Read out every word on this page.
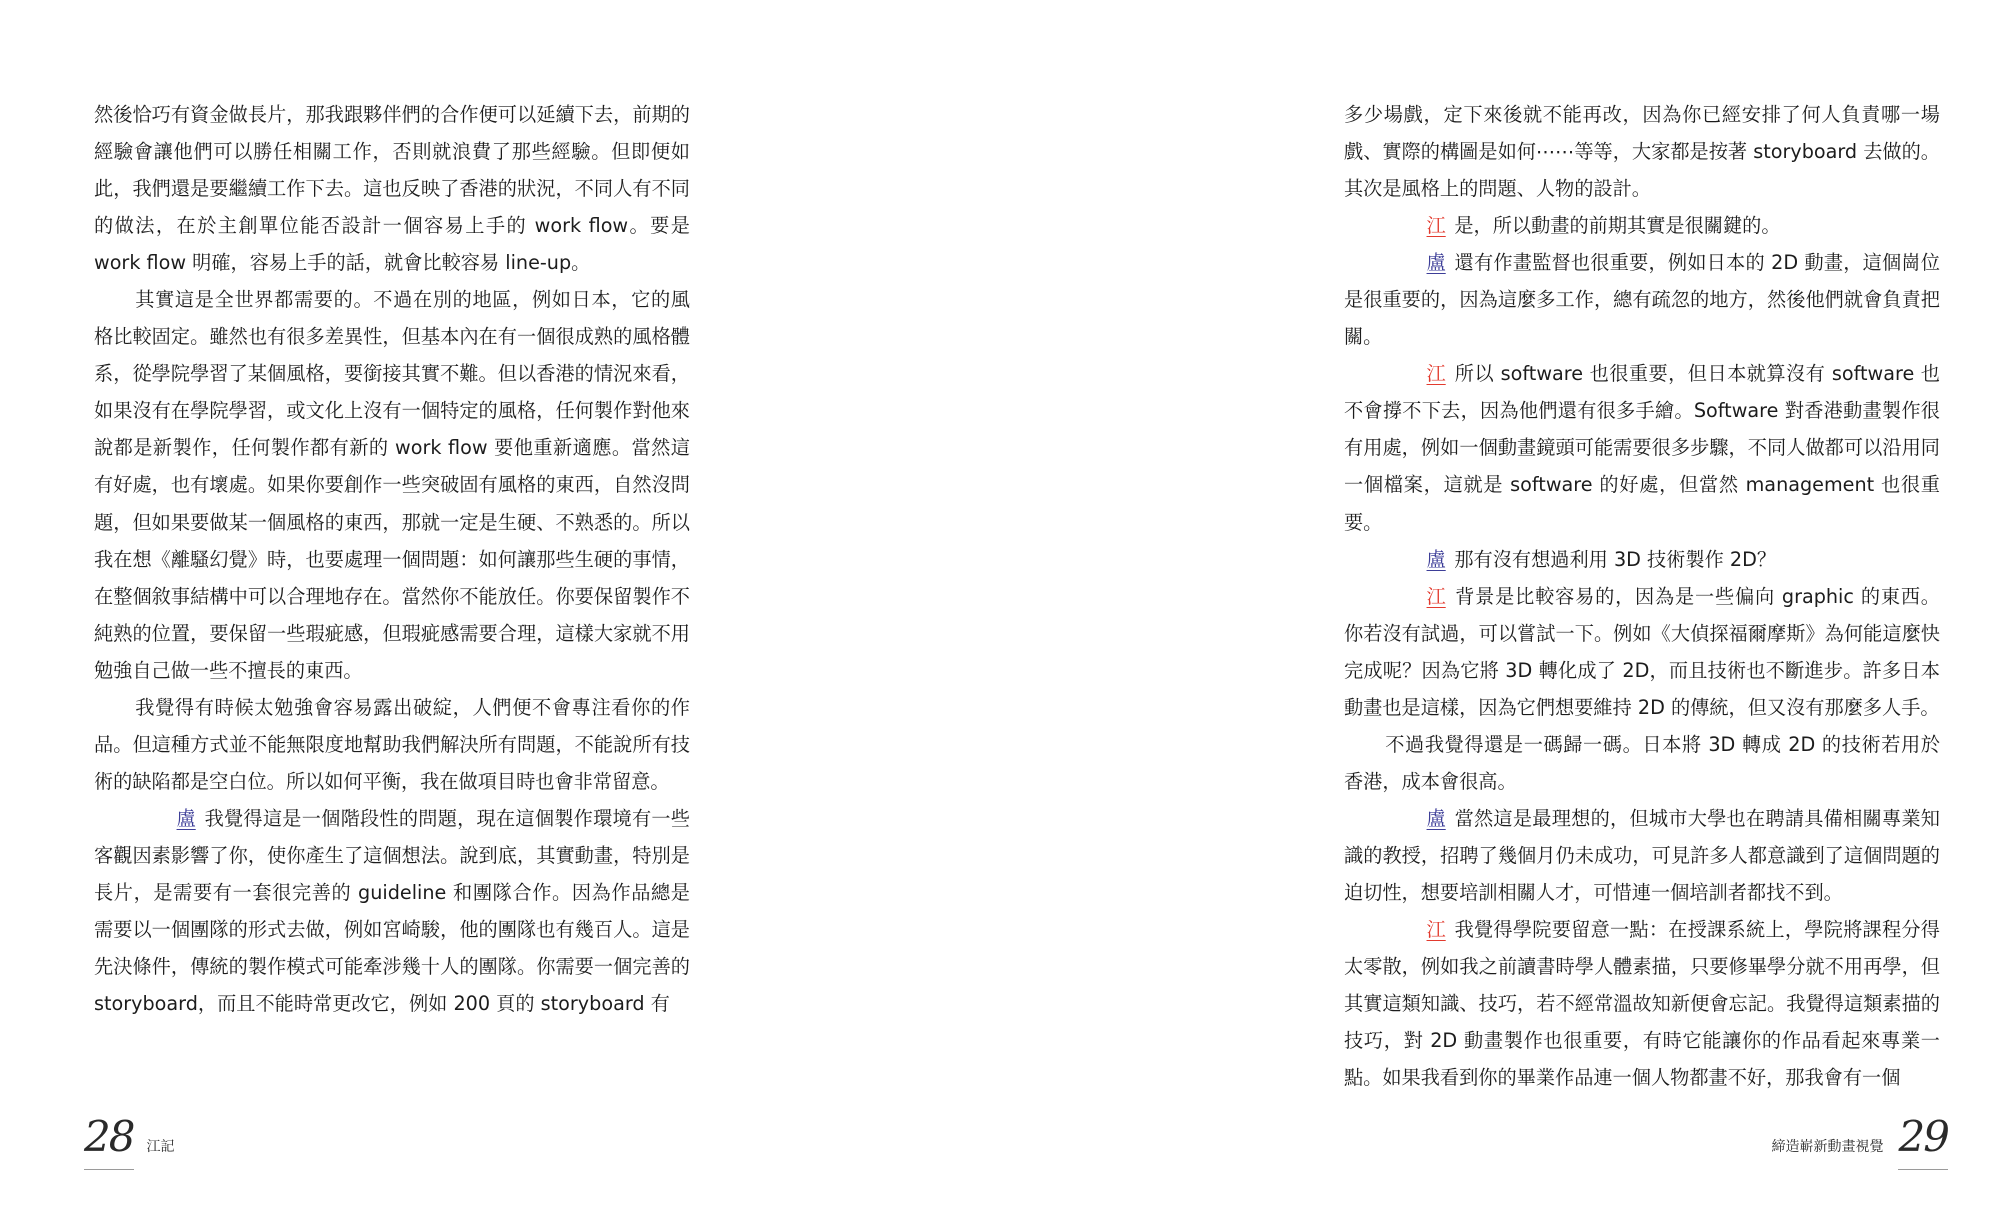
然後恰巧有資金做長片，那我跟夥伴們的合作便可以延續下去，前期的經驗會讓他們可以勝任相關工作，否則就浪費了那些經驗。但即便如此，我們還是要繼續工作下去。這也反映了香港的狀況，不同人有不同的做法，在於主創單位能否設計一個容易上手的 work flow。要是 work flow 明確，容易上手的話，就會比較容易 line-up。

其實這是全世界都需要的。不過在別的地區，例如日本，它的風格比較固定。雖然也有很多差異性，但基本內在有一個很成熟的風格體系，從學院學習了某個風格，要銜接其實不難。但以香港的情況來看，如果沒有在學院學習，或文化上沒有一個特定的風格，任何製作對他來說都是新製作，任何製作都有新的 work flow 要他重新適應。當然這有好處，也有壞處。如果你要創作一些突破固有風格的東西，自然沒問題，但如果要做某一個風格的東西，那就一定是生硬、不熟悉的。所以我在想《離騷幻覺》時，也要處理一個問題：如何讓那些生硬的事情，在整個敘事結構中可以合理地存在。當然你不能放任。你要保留製作不純熟的位置，要保留一些瑕疵感，但瑕疵感需要合理，這樣大家就不用勉強自己做一些不擅長的東西。

我覺得有時候太勉強會容易露出破綻，人們便不會專注看你的作品。但這種方式並不能無限度地幫助我們解決所有問題，不能說所有技術的缺陷都是空白位。所以如何平衡，我在做項目時也會非常留意。

盧 我覺得這是一個階段性的問題，現在這個製作環境有一些客觀因素影響了你，使你產生了這個想法。說到底，其實動畫，特別是長片，是需要有一套很完善的 guideline 和團隊合作。因為作品總是需要以一個團隊的形式去做，例如宮崎駿，他的團隊也有幾百人。這是先決條件，傳統的製作模式可能牽涉幾十人的團隊。你需要一個完善的 storyboard，而且不能時常更改它，例如 200 頁的 storyboard 有

28 江記

多少場戲，定下來後就不能再改，因為你已經安排了何人負責哪一場戲、實際的構圖是如何⋯⋯等等，大家都是按著 storyboard 去做的。其次是風格上的問題、人物的設計。

江 是，所以動畫的前期其實是很關鍵的。

盧 還有作畫監督也很重要，例如日本的 2D 動畫，這個崗位是很重要的，因為這麼多工作，總有疏忽的地方，然後他們就會負責把關。

江 所以 software 也很重要，但日本就算沒有 software 也不會撐不下去，因為他們還有很多手繪。Software 對香港動畫製作很有用處，例如一個動畫鏡頭可能需要很多步驟，不同人做都可以沿用同一個檔案，這就是 software 的好處，但當然 management 也很重要。

盧 那有沒有想過利用 3D 技術製作 2D？

江 背景是比較容易的，因為是一些偏向 graphic 的東西。你若沒有試過，可以嘗試一下。例如《大偵探福爾摩斯》為何能這麼快完成呢？因為它將 3D 轉化成了 2D，而且技術也不斷進步。許多日本動畫也是這樣，因為它們想要維持 2D 的傳統，但又沒有那麼多人手。

不過我覺得還是一碼歸一碼。日本將 3D 轉成 2D 的技術若用於香港，成本會很高。

盧 當然這是最理想的，但城市大學也在聘請具備相關專業知識的教授，招聘了幾個月仍未成功，可見許多人都意識到了這個問題的迫切性，想要培訓相關人才，可惜連一個培訓者都找不到。

江 我覺得學院要留意一點：在授課系統上，學院將課程分得太零散，例如我之前讀書時學人體素描，只要修畢學分就不用再學，但其實這類知識、技巧，若不經常溫故知新便會忘記。我覺得這類素描的技巧，對 2D 動畫製作也很重要，有時它能讓你的作品看起來專業一點。如果我看到你的畢業作品連一個人物都畫不好，那我會有一個

締造嶄新動畫視覺 29
